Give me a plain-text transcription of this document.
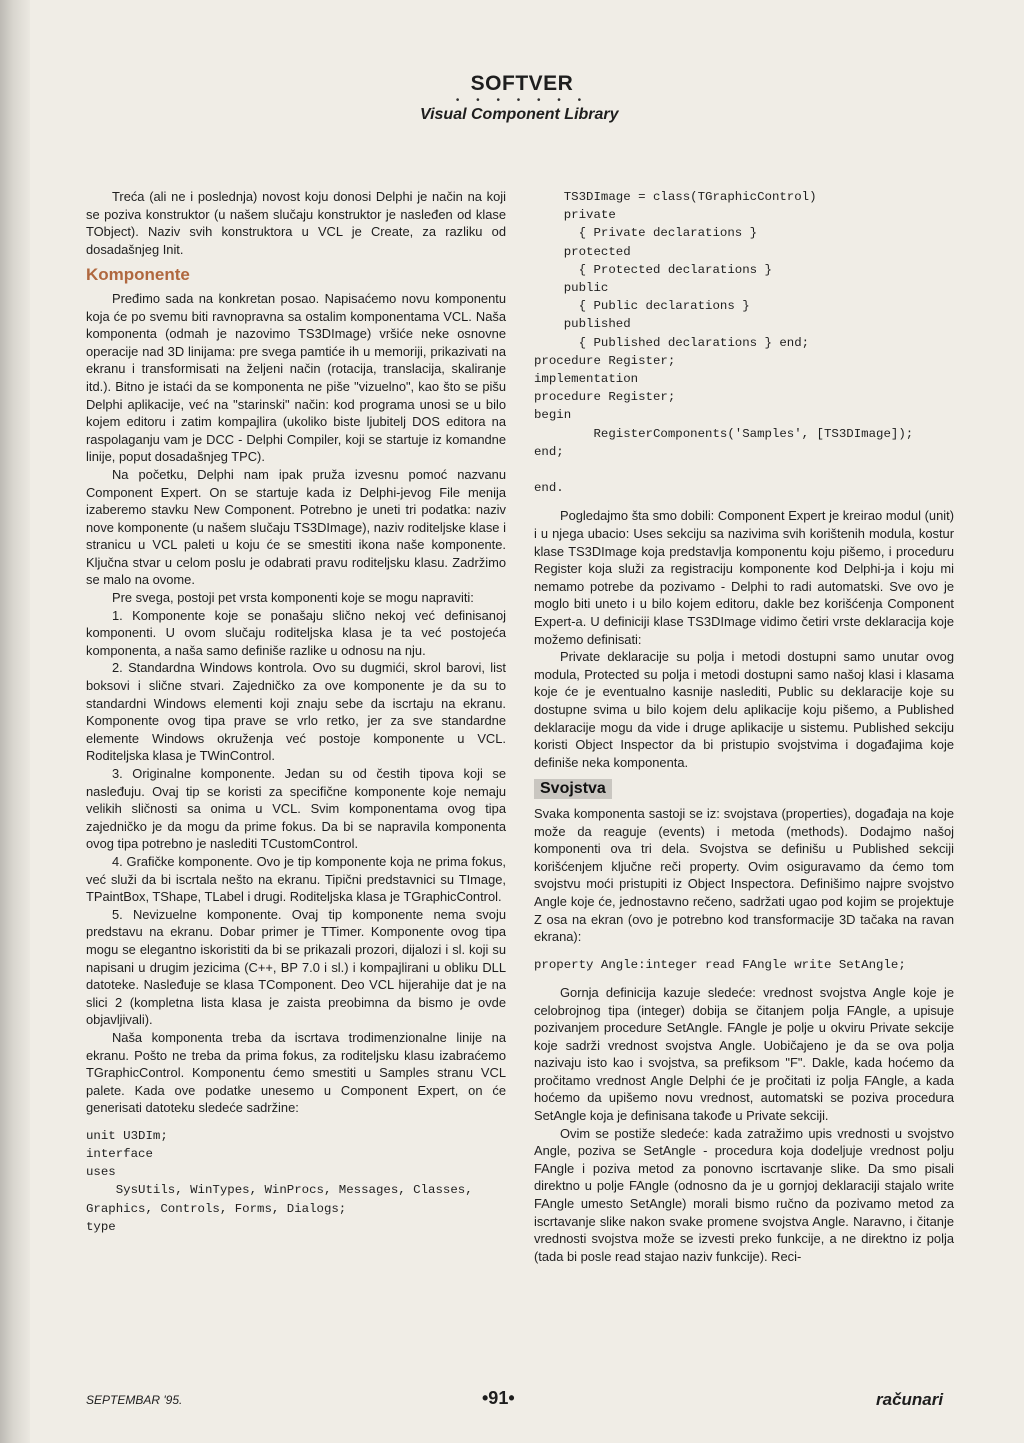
SOFTVER
• • • • • • •
Visual Component Library

Treća (ali ne i poslednja) novost koju donosi Delphi je način na koji se poziva konstruktor (u našem slučaju konstruktor je nasleđen od klase TObject). Naziv svih konstruktora u VCL je Create, za razliku od dosadašnjeg Init.

Komponente

Pređimo sada na konkretan posao. Napisaćemo novu komponentu koja će po svemu biti ravnopravna sa ostalim komponentama VCL. Naša komponenta (odmah je nazovimo TS3DImage) vršiće neke osnovne operacije nad 3D linijama: pre svega pamtiće ih u memoriji, prikazivati na ekranu i transformisati na željeni način (rotacija, translacija, skaliranje itd.). Bitno je istaći da se komponenta ne piše "vizuelno", kao što se pišu Delphi aplikacije, već na "starinski" način: kod programa unosi se u bilo kojem editoru i zatim kompajlira (ukoliko biste ljubitelj DOS editora na raspolaganju vam je DCC - Delphi Compiler, koji se startuje iz komandne linije, poput dosadašnjeg TPC).

Na početku, Delphi nam ipak pruža izvesnu pomoć nazvanu Component Expert. On se startuje kada iz Delphi-jevog File menija izaberemo stavku New Component. Potrebno je uneti tri podatka: naziv nove komponente (u našem slučaju TS3DImage), naziv roditeljske klase i stranicu u VCL paleti u koju će se smestiti ikona naše komponente. Ključna stvar u celom poslu je odabrati pravu roditeljsku klasu. Zadržimo se malo na ovome.

Pre svega, postoji pet vrsta komponenti koje se mogu napraviti:

1. Komponente koje se ponašaju slično nekoj već definisanoj komponenti. U ovom slučaju roditeljska klasa je ta već postojeća komponenta, a naša samo definiše razlike u odnosu na nju.

2. Standardna Windows kontrola. Ovo su dugmići, skrol barovi, list boksovi i slične stvari. Zajedničko za ove komponente je da su to standardni Windows elementi koji znaju sebe da iscrtaju na ekranu. Komponente ovog tipa prave se vrlo retko, jer za sve standardne elemente Windows okruženja već postoje komponente u VCL. Roditeljska klasa je TWinControl.

3. Originalne komponente. Jedan su od čestih tipova koji se nasleđuju. Ovaj tip se koristi za specifične komponente koje nemaju velikih sličnosti sa onima u VCL. Svim komponentama ovog tipa zajedničko je da mogu da prime fokus. Da bi se napravila komponenta ovog tipa potrebno je naslediti TCustomControl.

4. Grafičke komponente. Ovo je tip komponente koja ne prima fokus, već služi da bi iscrtala nešto na ekranu. Tipični predstavnici su TImage, TPaintBox, TShape, TLabel i drugi. Roditeljska klasa je TGraphicControl.

5. Nevizuelne komponente. Ovaj tip komponente nema svoju predstavu na ekranu. Dobar primer je TTimer. Komponente ovog tipa mogu se elegantno iskoristiti da bi se prikazali prozori, dijalozi i sl. koji su napisani u drugim jezicima (C++, BP 7.0 i sl.) i kompajlirani u obliku DLL datoteke. Nasleđuje se klasa TComponent. Deo VCL hijerahije dat je na slici 2 (kompletna lista klasa je zaista preobimna da bismo je ovde objavljivali).

Naša komponenta treba da iscrtava trodimenzionalne linije na ekranu. Pošto ne treba da prima fokus, za roditeljsku klasu izabraćemo TGraphicControl. Komponentu ćemo smestiti u Samples stranu VCL palete. Kada ove podatke unesemo u Component Expert, on će generisati datoteku sledeće sadržine:

unit U3DIm;
interface
uses
SysUtils, WinTypes, WinProcs, Messages, Classes,
Graphics, Controls, Forms, Dialogs;
type
TS3DImage = class(TGraphicControl)
private
{ Private declarations }
protected
{ Protected declarations }
public
{ Public declarations }
published
{ Published declarations } end;
procedure Register;
implementation
procedure Register;
begin
RegisterComponents('Samples', [TS3DImage]);
end;

end.

Pogledajmo šta smo dobili: Component Expert je kreirao modul (unit) i u njega ubacio: Uses sekciju sa nazivima svih korištenih modula, kostur klase TS3DImage koja predstavlja komponentu koju pišemo, i proceduru Register koja služi za registraciju komponente kod Delphi-ja i koju mi nemamo potrebe da pozivamo - Delphi to radi automatski. Sve ovo je moglo biti uneto i u bilo kojem editoru, dakle bez korišćenja Component Expert-a. U definiciji klase TS3DImage vidimo četiri vrste deklaracija koje možemo definisati:

Private deklaracije su polja i metodi dostupni samo unutar ovog modula, Protected su polja i metodi dostupni samo našoj klasi i klasama koje će je eventualno kasnije nasleditі, Public su deklaracije koje su dostupne svima u bilo kojem delu aplikacije koju pišemo, a Published deklaracije mogu da vide i druge aplikacije u sistemu. Published sekciju koristi Object Inspector da bi pristupio svojstvima i događajima koje definiše neka komponenta.

Svojstva

Svaka komponenta sastoji se iz: svojstava (properties), događaja na koje može da reaguje (events) i metoda (methods). Dodajmo našoj komponenti ova tri dela. Svojstva se definišu u Published sekciji korišćenjem ključne reči property. Ovim osiguravamo da ćemo tom svojstvu moći pristupiti iz Object Inspectora. Definišimo najpre svojstvo Angle koje će, jednostavno rečeno, sadržati ugao pod kojim se projektuje Z osa na ekran (ovo je potrebno kod transformacije 3D tačaka na ravan ekrana):

property Angle:integer read FAngle write SetAngle;

Gornja definicija kazuje sledeće: vrednost svojstva Angle koje je celobrojnog tipa (integer) dobija se čitanjem polja FAngle, a upisuje pozivanjem procedure SetAngle. FAngle je polje u okviru Private sekcije koje sadrži vrednost svojstva Angle. Uobičajeno je da se ova polja nazivaju isto kao i svojstva, sa prefiksom "F". Dakle, kada hoćemo da pročitamo vrednost Angle Delphi će je pročitati iz polja FAngle, a kada hoćemo da upišemo novu vrednost, automatski se poziva procedura SetAngle koja je definisana takođe u Private sekciji.

Ovim se postiže sledeće: kada zatražimo upis vrednosti u svojstvo Angle, poziva se SetAngle - procedura koja dodeljuje vrednost polju FAngle i poziva metod za ponovno iscrtavanje slike. Da smo pisali direktno u polje FAngle (odnosno da je u gornjoj deklaraciji stajalo write FAngle umesto SetAngle) morali bismo ručno da pozivamo metod za iscrtavanje slike nakon svake promene svojstva Angle. Naravno, i čitanje vrednosti svojstva može se izvesti preko funkcije, a ne direktno iz polja (tada bi posle read stajao naziv funkcije). Reci-

SEPTEMBAR '95.	•91•	računari
